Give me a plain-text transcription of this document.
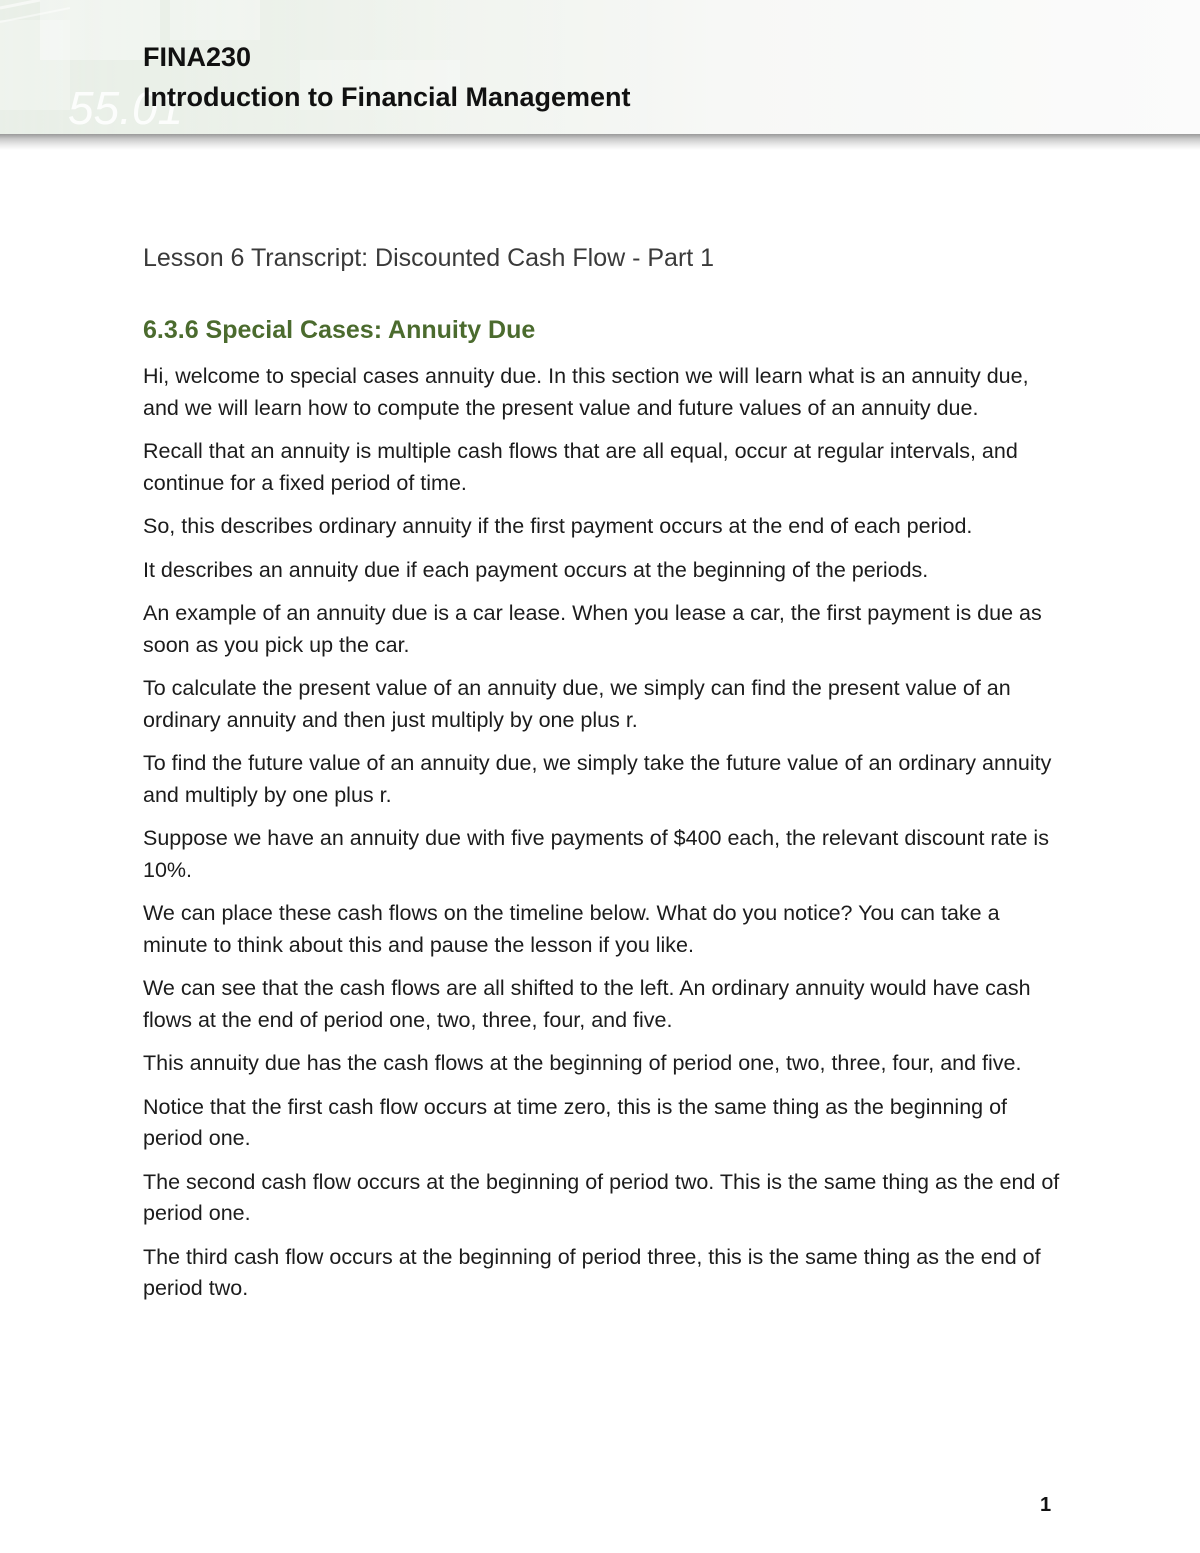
55.01
FINA230
Introduction to Financial Management

Lesson 6 Transcript: Discounted Cash Flow - Part 1

6.3.6 Special Cases: Annuity Due

Hi, welcome to special cases annuity due. In this section we will learn what is an annuity due, and we will learn how to compute the present value and future values of an annuity due.

Recall that an annuity is multiple cash flows that are all equal, occur at regular intervals, and continue for a fixed period of time.

So, this describes ordinary annuity if the first payment occurs at the end of each period.

It describes an annuity due if each payment occurs at the beginning of the periods.

An example of an annuity due is a car lease. When you lease a car, the first payment is due as soon as you pick up the car.

To calculate the present value of an annuity due, we simply can find the present value of an ordinary annuity and then just multiply by one plus r.

To find the future value of an annuity due, we simply take the future value of an ordinary annuity and multiply by one plus r.

Suppose we have an annuity due with five payments of $400 each, the relevant discount rate is 10%.

We can place these cash flows on the timeline below. What do you notice? You can take a minute to think about this and pause the lesson if you like.

We can see that the cash flows are all shifted to the left. An ordinary annuity would have cash flows at the end of period one, two, three, four, and five.

This annuity due has the cash flows at the beginning of period one, two, three, four, and five.

Notice that the first cash flow occurs at time zero, this is the same thing as the beginning of period one.

The second cash flow occurs at the beginning of period two. This is the same thing as the end of period one.

The third cash flow occurs at the beginning of period three, this is the same thing as the end of period two.

1
